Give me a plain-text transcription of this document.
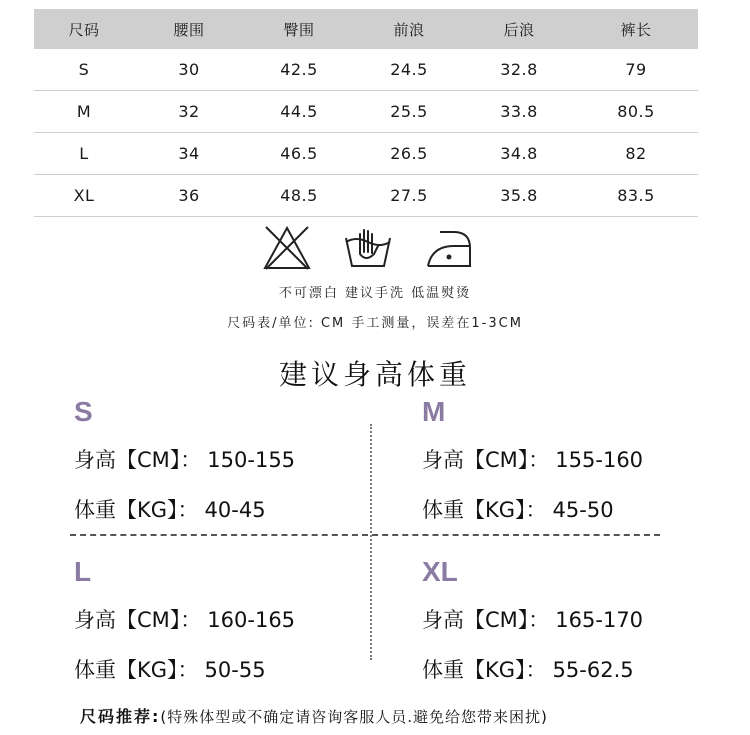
尺码	腰围	臀围	前浪	后浪	裤长
S	30	42.5	24.5	32.8	79
M	32	44.5	25.5	33.8	80.5
L	34	46.5	26.5	34.8	82
XL	36	48.5	27.5	35.8	83.5
不可漂白 建议手洗 低温熨烫
尺码表/单位: CM 手工测量，误差在1-3CM
建议身高体重
S
身高【CM】： 150-155
体重【KG】： 40-45
M
身高【CM】： 155-160
体重【KG】： 45-50
L
身高【CM】： 160-165
体重【KG】： 50-55
XL
身高【CM】： 165-170
体重【KG】： 55-62.5
尺码推荐:(特殊体型或不确定请咨询客服人员.避免给您带来困扰)
